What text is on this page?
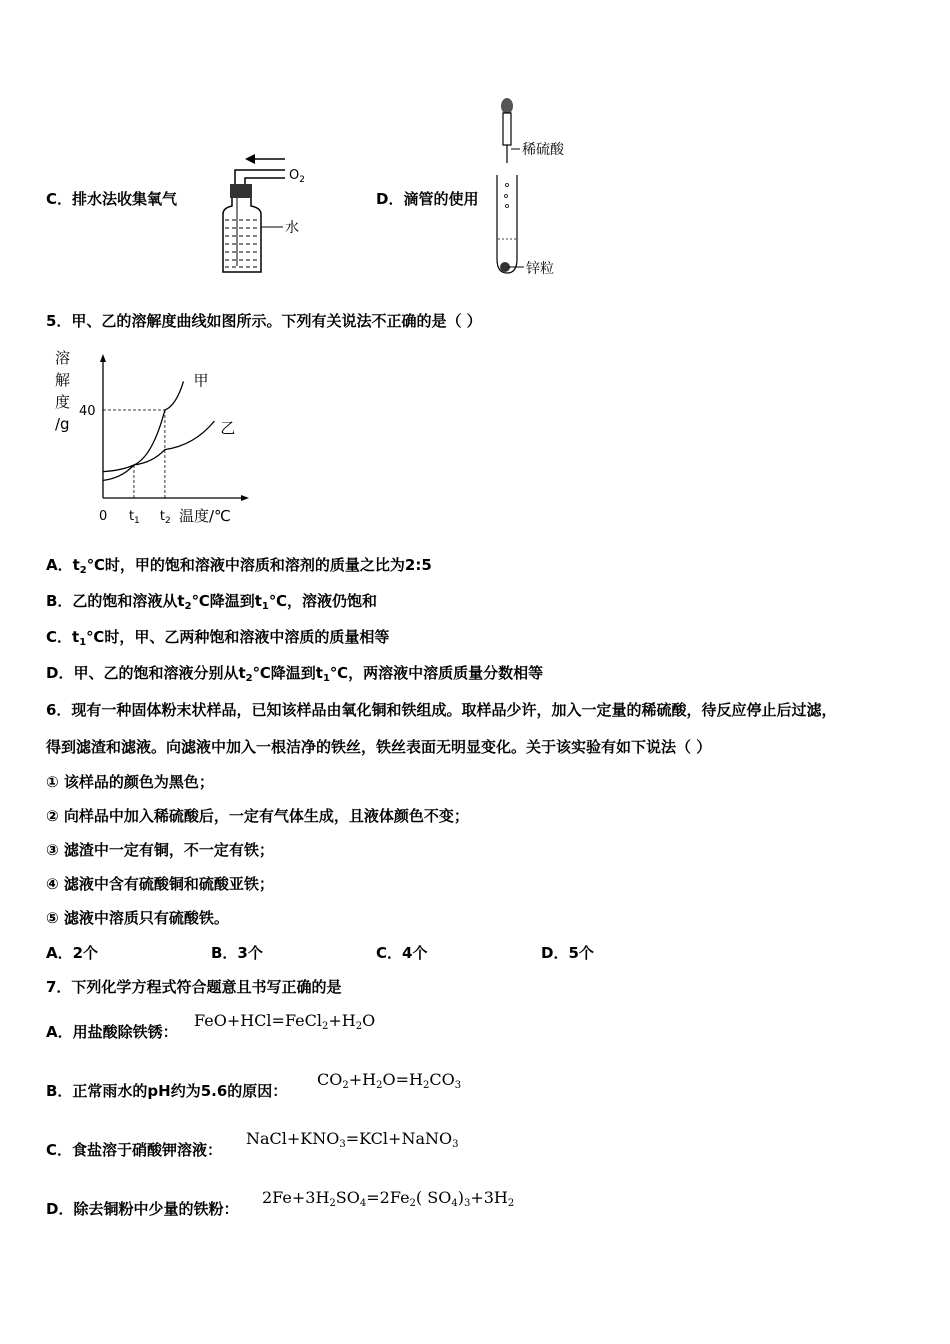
C．排水法收集氧气
$O_2$
水
D．滴管的使用
稀硫酸
锌粒
5．甲、乙的溶解度曲线如图所示。下列有关说法不正确的是（ ）
溶
解
度
/g
0	温度/℃
$t_1$ $t_2$
40
甲
乙
A．$t_2℃$时，甲的饱和溶液中溶质和溶剂的质量之比为2:5
B．乙的饱和溶液从$t_2℃$降温到$t_1℃$，溶液仍饱和
C．$t_1℃$时，甲、乙两种饱和溶液中溶质的质量相等
D．甲、乙的饱和溶液分别从$t_2℃$降温到$t_1℃$，两溶液中溶质质量分数相等
6．现有一种固体粉末状样品，已知该样品由氧化铜和铁组成。取样品少许，加入一定量的稀硫酸，待反应停止后过滤，
得到滤渣和滤液。向滤液中加入一根洁净的铁丝，铁丝表面无明显变化。关于该实验有如下说法（ ）
① 该样品的颜色为黑色；
② 向样品中加入稀硫酸后，一定有气体生成，且液体颜色不变；
③ 滤渣中一定有铜，不一定有铁；
④ 滤液中含有硫酸铜和硫酸亚铁；
⑤ 滤液中溶质只有硫酸铁。
A．2个	B．3个	C．4个	D．5个
7．下列化学方程式符合题意且书写正确的是
A．用盐酸除铁锈：
$FeO+HCl=FeCl_2+H_2O$
B．正常雨水的pH约为5.6的原因：
$CO_2+H_2O=H_2CO_3$
C．食盐溶于硝酸钾溶液：
$NaCl+KNO_3=KCl+NaNO_3$
D．除去铜粉中少量的铁粉：
$2Fe+3H_2SO_4=2Fe_2$( $SO_4)_3+3H_2$
